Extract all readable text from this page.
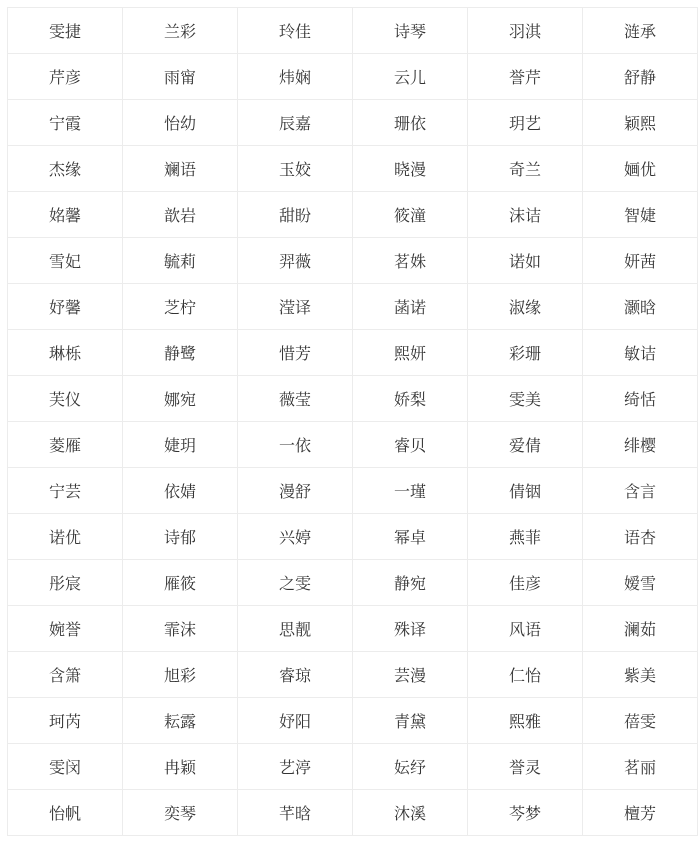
雯捷	兰彩	玲佳	诗琴	羽淇	涟承
芹彦	雨甯	炜娴	云儿	誉芹	舒静
宁霞	怡幼	辰嘉	珊依	玥艺	颖熙
杰缘	斓语	玉姣	晓漫	奇兰	婳优
姳馨	歆岩	甜盼	筱潼	沫诘	智婕
雪妃	毓莉	羿薇	茗姝	诺如	妍茜
妤馨	芝柠	滢译	菡诺	淑缘	灏晗
琳栎	静鹭	惜芳	熙妍	彩珊	敏诘
芙仪	娜宛	薇莹	娇梨	雯美	绮恬
菱雁	婕玥	一依	睿贝	爱倩	绯樱
宁芸	依婧	漫舒	一瑾	倩铟	含言
诺优	诗郁	兴婷	幂卓	燕菲	语杏
彤宸	雁筱	之雯	静宛	佳彦	嫒雪
婉誉	霏沫	思靓	殊译	风语	澜茹
含箫	旭彩	睿琼	芸漫	仁怡	紫美
珂芮	耘露	妤阳	青黛	熙雅	蓓雯
雯闵	冉颖	艺渟	妘纾	誉灵	茗丽
怡帆	奕琴	芊晗	沐溪	芩梦	檀芳
